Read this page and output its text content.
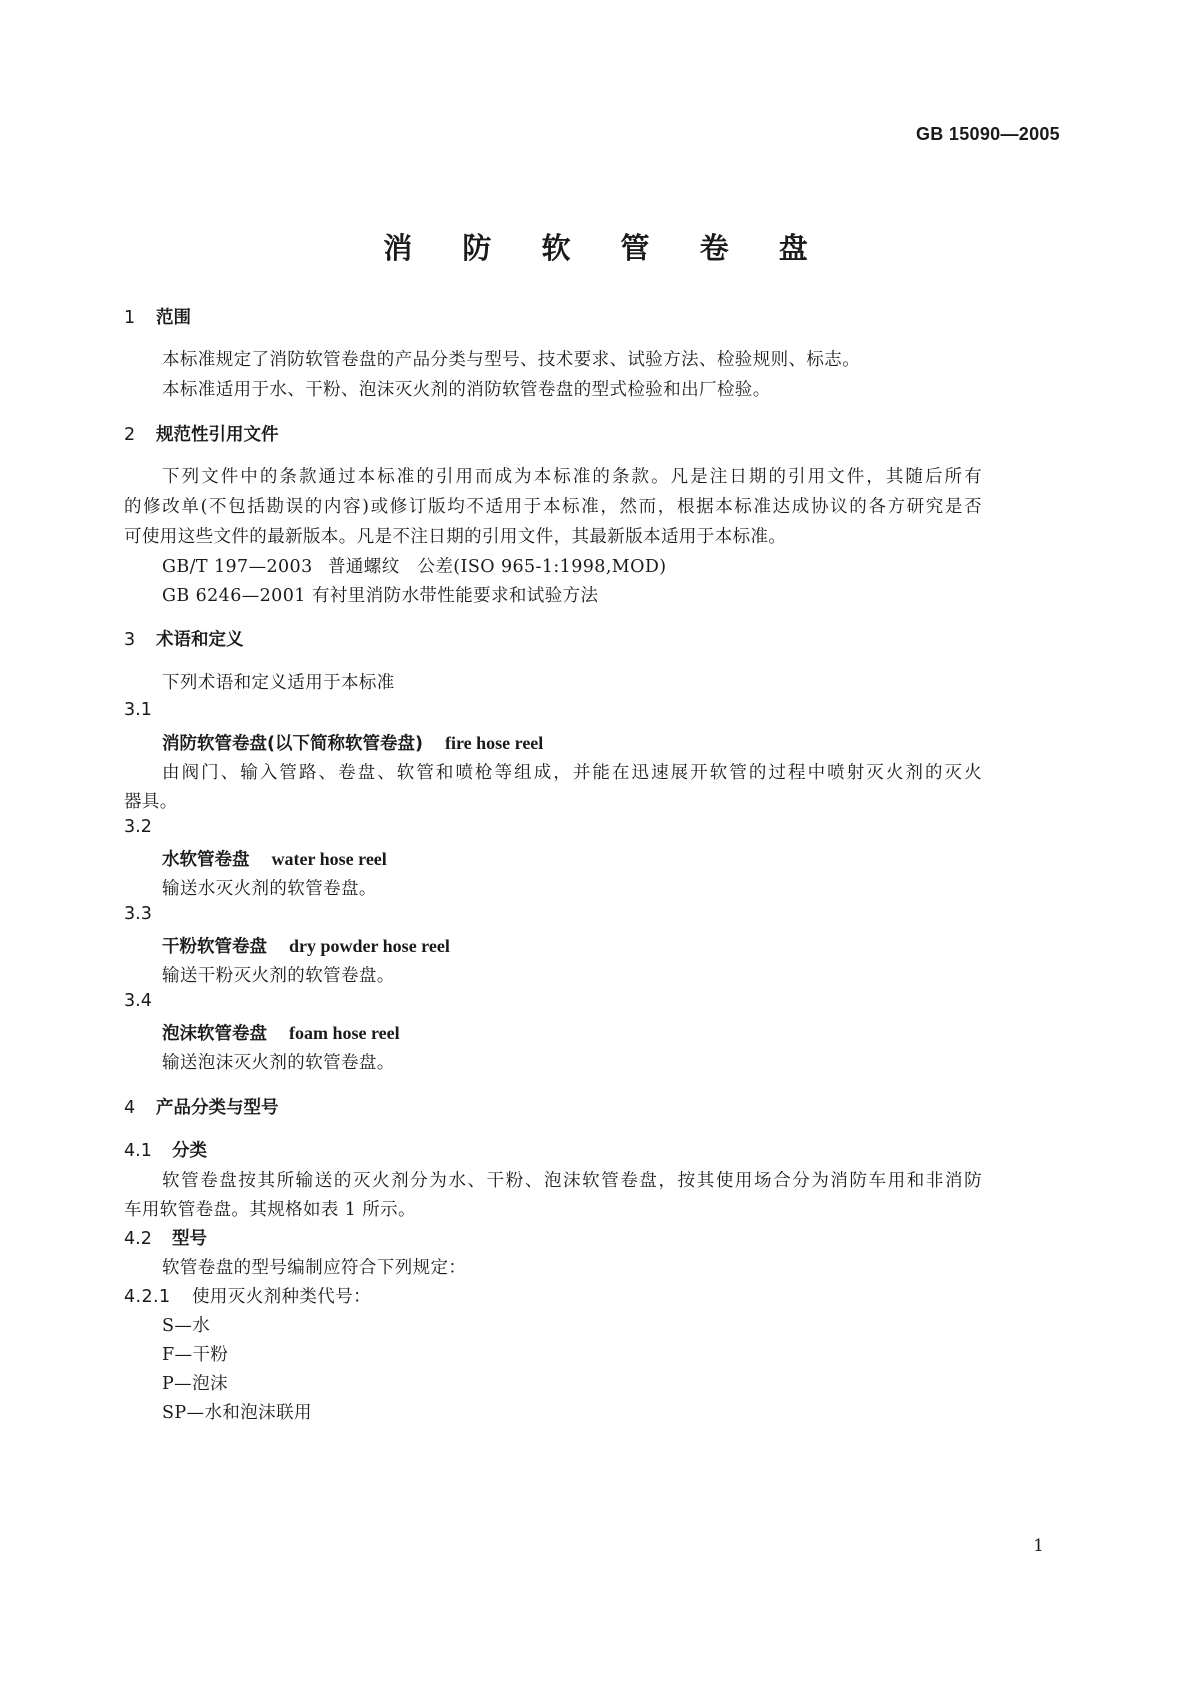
GB 15090—2005
消 防 软 管 卷 盘
1 范围
本标准规定了消防软管卷盘的产品分类与型号、技术要求、试验方法、检验规则、标志。
本标准适用于水、干粉、泡沫灭火剂的消防软管卷盘的型式检验和出厂检验。
2 规范性引用文件
下列文件中的条款通过本标准的引用而成为本标准的条款。凡是注日期的引用文件，其随后所有
的修改单(不包括勘误的内容)或修订版均不适用于本标准，然而，根据本标准达成协议的各方研究是否
可使用这些文件的最新版本。凡是不注日期的引用文件，其最新版本适用于本标准。
GB/T 197—2003 普通螺纹　公差(ISO 965-1:1998,MOD)
GB 6246—2001 有衬里消防水带性能要求和试验方法
3 术语和定义
下列术语和定义适用于本标准
3.1
消防软管卷盘(以下简称软管卷盘) fire hose reel
由阀门、输入管路、卷盘、软管和喷枪等组成，并能在迅速展开软管的过程中喷射灭火剂的灭火
器具。
3.2
水软管卷盘 water hose reel
输送水灭火剂的软管卷盘。
3.3
干粉软管卷盘 dry powder hose reel
输送干粉灭火剂的软管卷盘。
3.4
泡沫软管卷盘 foam hose reel
输送泡沫灭火剂的软管卷盘。
4 产品分类与型号
4.1 分类
软管卷盘按其所输送的灭火剂分为水、干粉、泡沫软管卷盘，按其使用场合分为消防车用和非消防
车用软管卷盘。其规格如表 1 所示。
4.2 型号
软管卷盘的型号编制应符合下列规定：
4.2.1 使用灭火剂种类代号：
S—水
F—干粉
P—泡沫
SP—水和泡沫联用
1
